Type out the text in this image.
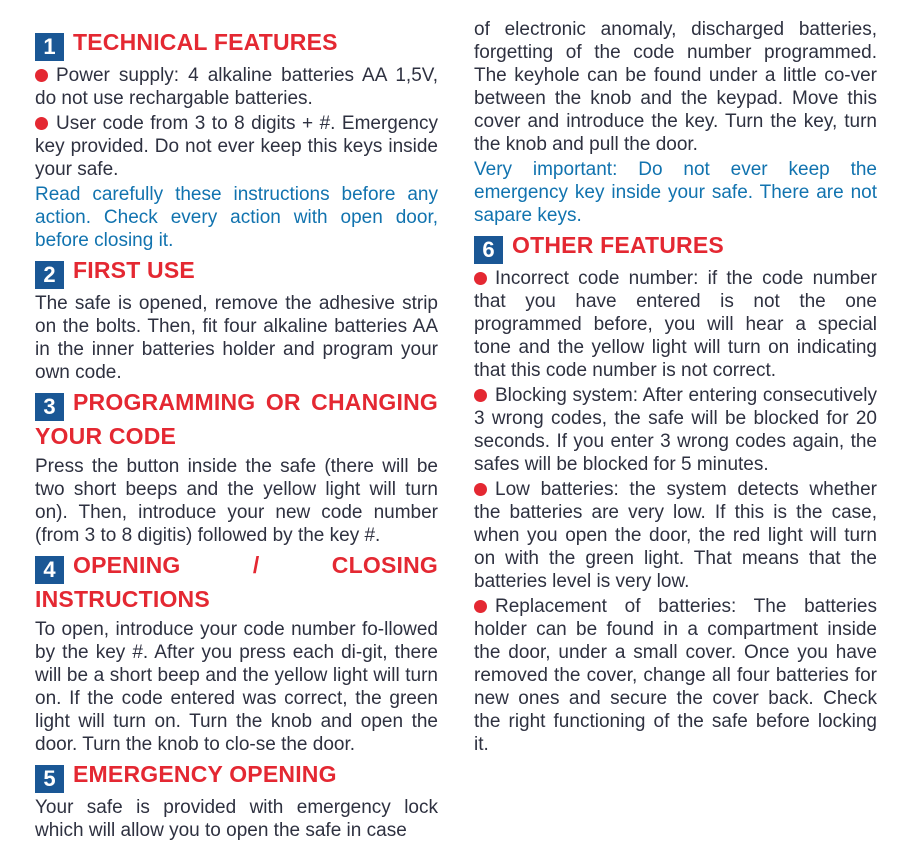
1 TECHNICAL FEATURES

Power supply: 4 alkaline batteries AA 1,5V, do not use rechargable batteries.

User code from 3 to 8 digits + #. Emergency key provided. Do not ever keep this keys inside your safe.

Read carefully these instructions before any action. Check every action with open door, before closing it.

2 FIRST USE

The safe is opened, remove the adhesive strip on the bolts. Then, fit four alkaline batteries AA in the inner batteries holder and program your own code.

3 PROGRAMMING OR CHANGING YOUR CODE

Press the button inside the safe (there will be two short beeps and the yellow light will turn on). Then, introduce your new code number (from 3 to 8 digitis) followed by the key #.

4 OPENING / CLOSING INSTRUCTIONS

To open, introduce your code number fo-llowed by the key #. After you press each di-git, there will be a short beep and the yellow light will turn on. If the code entered was correct, the green light will turn on. Turn the knob and open the door. Turn the knob to clo-se the door.

5 EMERGENCY OPENING

Your safe is provided with emergency lock which will allow you to open the safe in case

of electronic anomaly, discharged batteries, forgetting of the code number programmed. The keyhole can be found under a little co-ver between the knob and the keypad. Move this cover and introduce the key. Turn the key, turn the knob and pull the door.

Very important: Do not ever keep the emergency key inside your safe. There are not sapare keys.

6 OTHER FEATURES

Incorrect code number: if the code number that you have entered is not the one programmed before, you will hear a special tone and the yellow light will turn on indicating that this code number is not correct.

Blocking system: After entering consecutively 3 wrong codes, the safe will be blocked for 20 seconds. If you enter 3 wrong codes again, the safes will be blocked for 5 minutes.

Low batteries: the system detects whether the batteries are very low. If this is the case, when you open the door, the red light will turn on with the green light. That means that the batteries level is very low.

Replacement of batteries: The batteries holder can be found in a compartment inside the door, under a small cover. Once you have removed the cover, change all four batteries for new ones and secure the cover back. Check the right functioning of the safe before locking it.
